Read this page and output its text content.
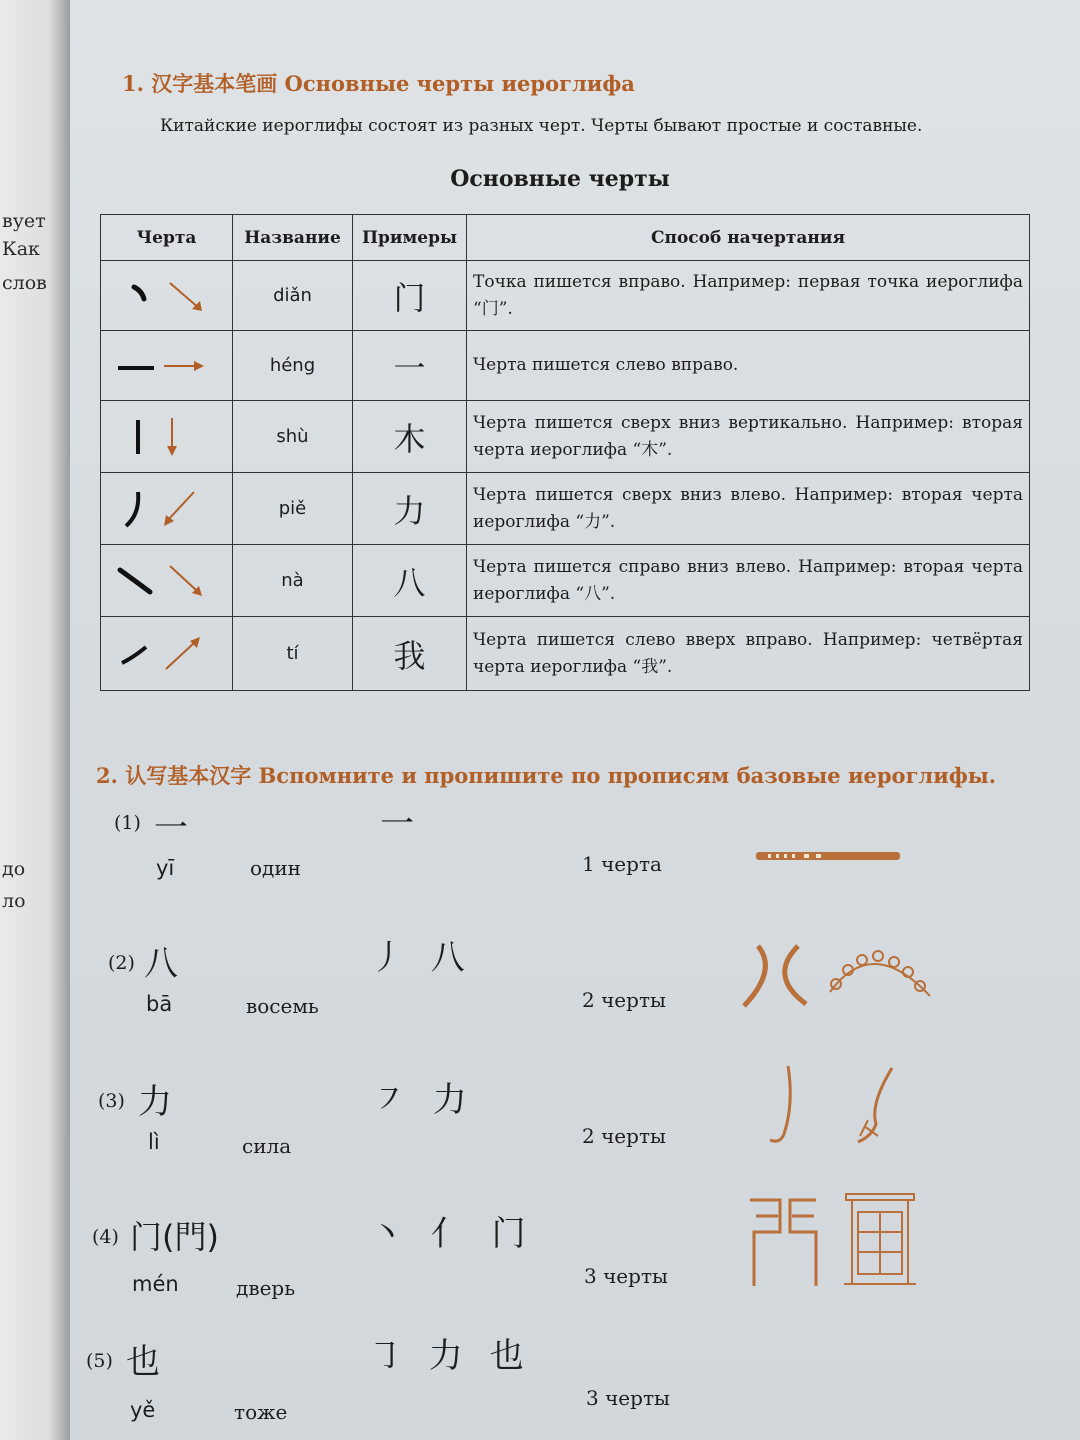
вует
Как
слов
до
ло
1. 汉字基本笔画 Основные черты иероглифа
Китайские иероглифы состоят из разных черт. Черты бывают простые и составные.
Основные черты
Черта	Название	Примеры	Способ начертания
	diǎn	门	Точка пишется вправо. Например: первая точка иероглифа “门”.
	héng	一	Черта пишется слево вправо.
	shù	木	Черта пишется сверх вниз вертикально. Например: вторая черта иероглифа “木”.
	piě	力	Черта пишется сверх вниз влево. Например: вторая черта иероглифа “力”.
	nà	八	Черта пишется справо вниз влево. Например: вторая черта иероглифа “八”.
	tí	我	Черта пишется слево вверх вправо. Например: четвёртая черта иероглифа “我”.
2. 认写基本汉字 Вспомните и пропишите по прописям базовые иероглифы.
(1) 一
yī	один
一
1 черта
(2) 八
bā	восемь
丿 八
2 черты
(3) 力
lì	сила
㇇ 力
2 черты
(4) 门(門)
mén	дверь
丶 亻 门
3 черты
(5) 也
yě	тоже
㇆ 力 也
3 черты
